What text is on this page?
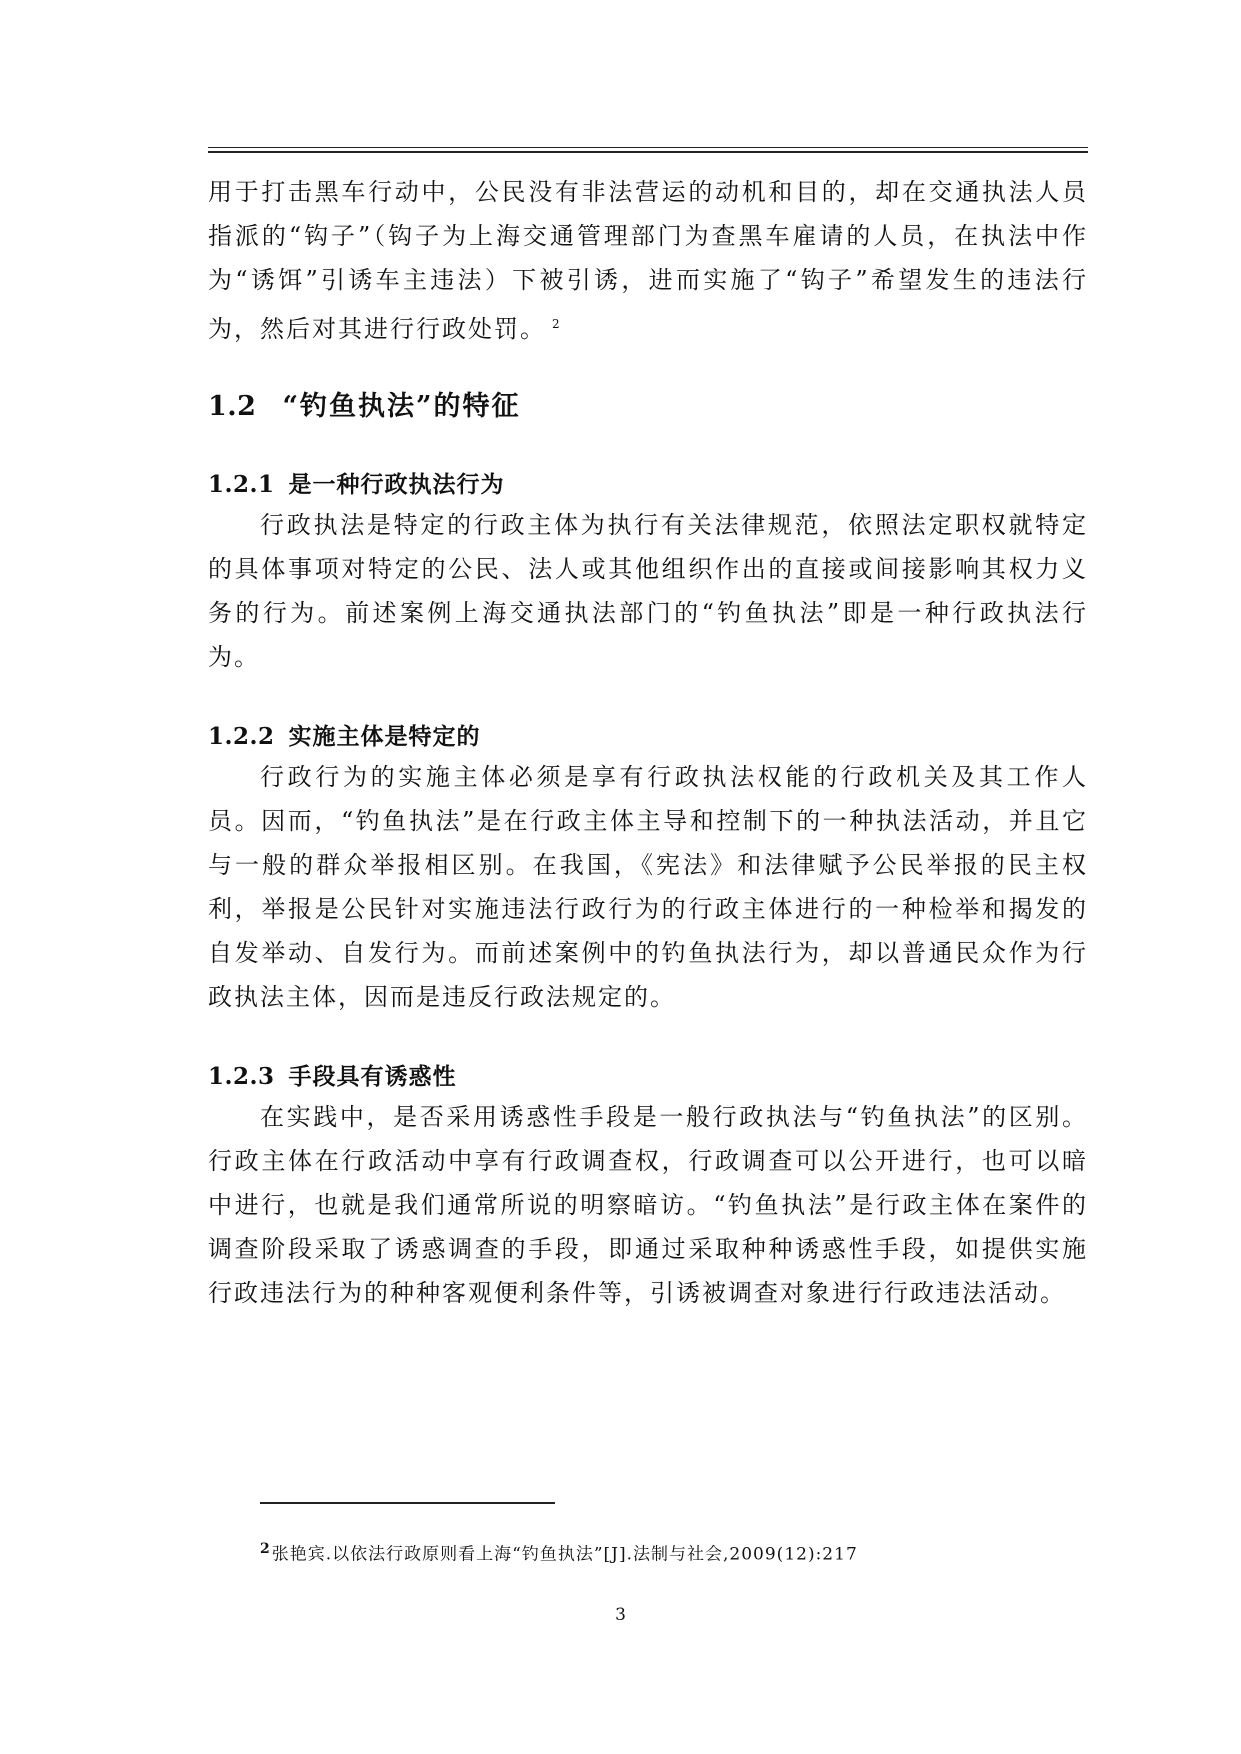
用于打击黑车行动中，公民没有非法营运的动机和目的，却在交通执法人员指派的“钩子”（钩子为上海交通管理部门为查黑车雇请的人员，在执法中作为“诱饵”引诱车主违法）下被引诱，进而实施了“钩子”希望发生的违法行为，然后对其进行行政处罚。 $^2$

1.2 “钓鱼执法”的特征
1.2.1 是一种行政执法行为

行政执法是特定的行政主体为执行有关法律规范，依照法定职权就特定的具体事项对特定的公民、法人或其他组织作出的直接或间接影响其权力义务的行为。前述案例上海交通执法部门的“钓鱼执法”即是一种行政执法行为。

1.2.2 实施主体是特定的

行政行为的实施主体必须是享有行政执法权能的行政机关及其工作人员。因而，“钓鱼执法”是在行政主体主导和控制下的一种执法活动，并且它与一般的群众举报相区别。在我国，《宪法》和法律赋予公民举报的民主权利，举报是公民针对实施违法行政行为的行政主体进行的一种检举和揭发的自发举动、自发行为。而前述案例中的钓鱼执法行为，却以普通民众作为行政执法主体，因而是违反行政法规定的。

1.2.3 手段具有诱惑性

在实践中，是否采用诱惑性手段是一般行政执法与“钓鱼执法”的区别。行政主体在行政活动中享有行政调查权，行政调查可以公开进行，也可以暗中进行，也就是我们通常所说的明察暗访。“钓鱼执法”是行政主体在案件的调查阶段采取了诱惑调查的手段，即通过采取种种诱惑性手段，如提供实施行政违法行为的种种客观便利条件等，引诱被调查对象进行行政违法活动。

$^2$张艳宾.以依法行政原则看上海“钓鱼执法”[J].法制与社会,2009(12):217
3
